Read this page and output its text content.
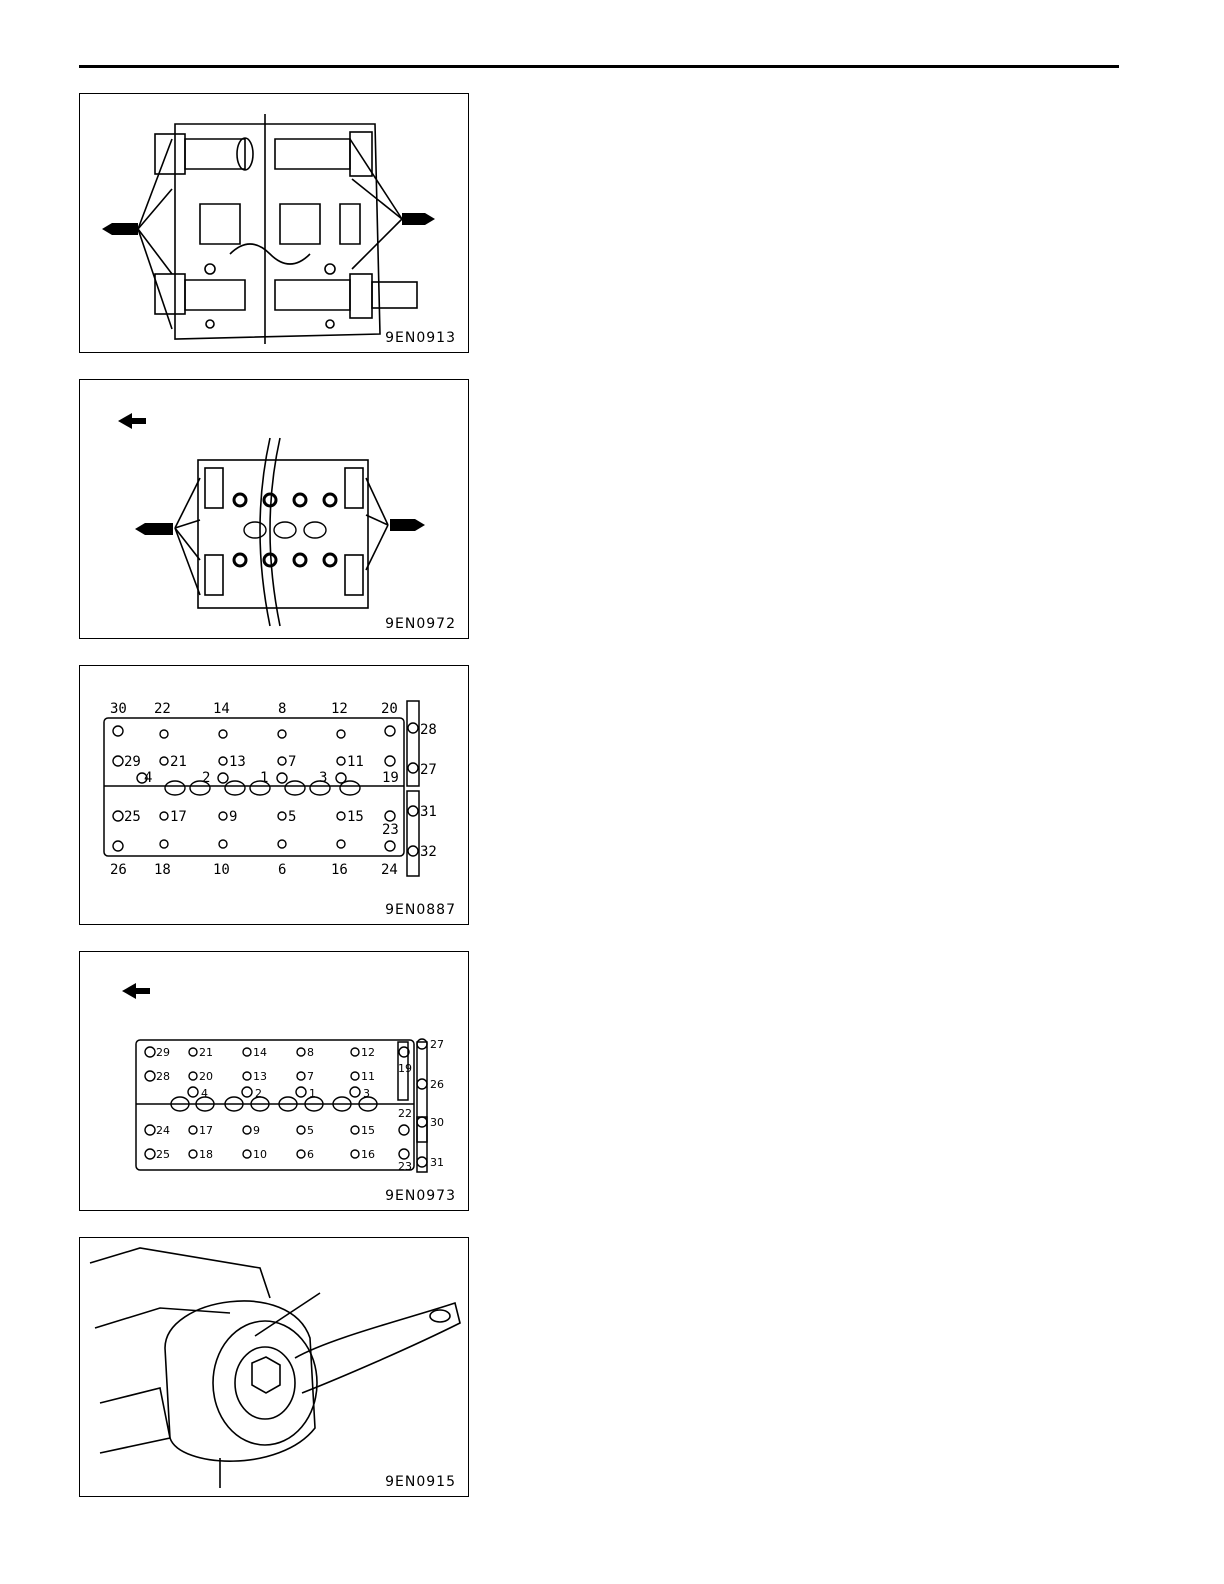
9EN0913
9EN0972
30 22	14	8	12 20
26 18	10	6	16 24
29 21	13	7	11
4	2	1	3
25 17	9	5	15
28
27
19
31
23
32
9EN0887
29	21	14	8	12
28	20	13	7	11
4	2	1	3
24	17	9	5	15
25	18	10	6	16
27
19
26
22
30
23 31
9EN0973
9EN0915
